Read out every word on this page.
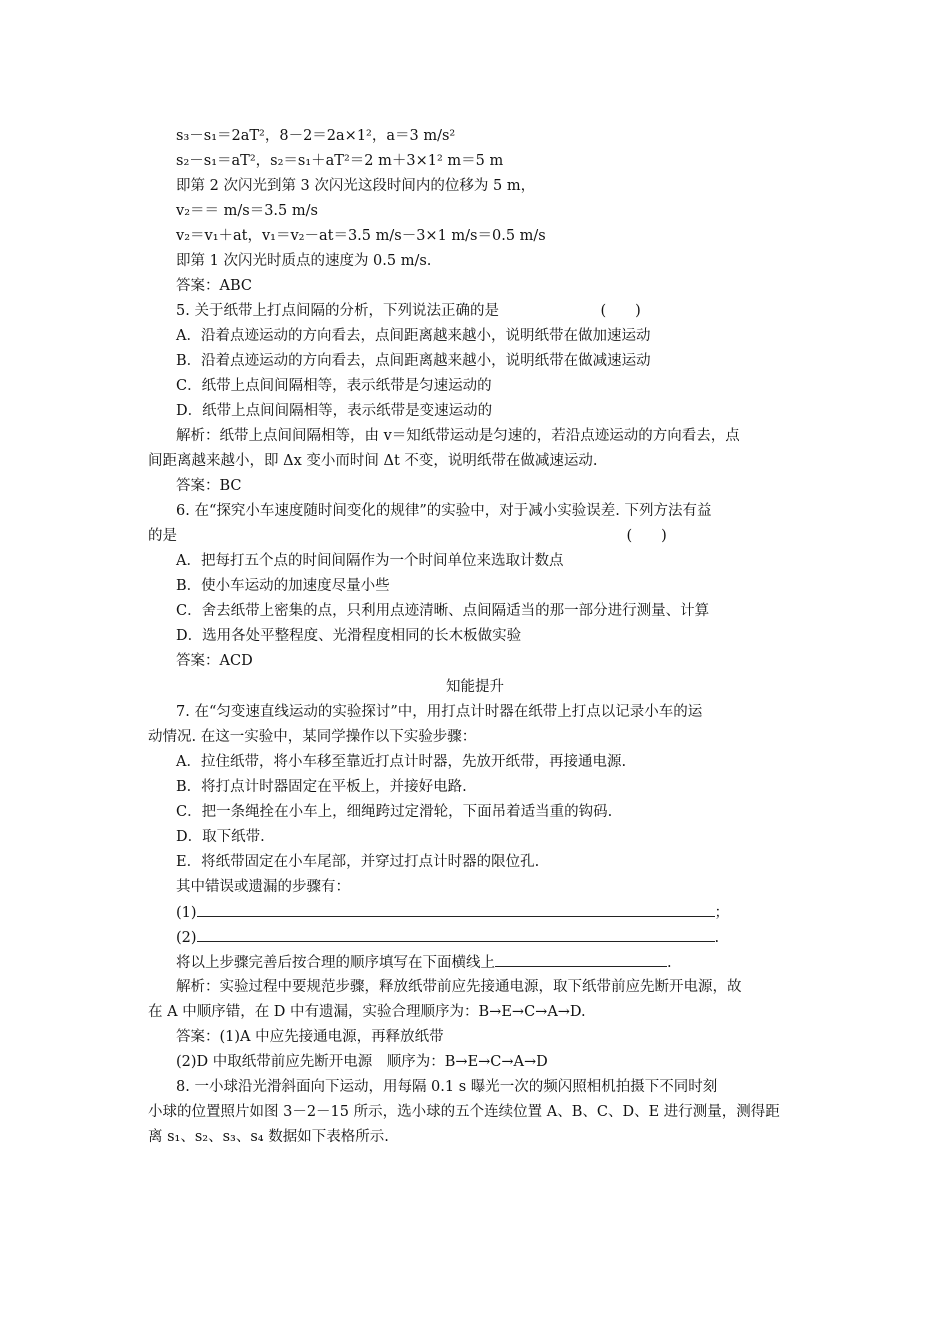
s₃－s₁＝2aT²，8－2＝2a×1²，a＝3 m/s²
s₂－s₁＝aT²，s₂＝s₁＋aT²＝2 m＋3×1² m＝5 m
即第 2 次闪光到第 3 次闪光这段时间内的位移为 5 m，
v₂＝＝ m/s＝3.5 m/s
v₂＝v₁＋at，v₁＝v₂－at＝3.5 m/s－3×1 m/s＝0.5 m/s
即第 1 次闪光时质点的速度为 0.5 m/s.
答案：ABC
5. 关于纸带上打点间隔的分析，下列说法正确的是　　　　　　　(　　)
A．沿着点迹运动的方向看去，点间距离越来越小，说明纸带在做加速运动
B．沿着点迹运动的方向看去，点间距离越来越小，说明纸带在做减速运动
C．纸带上点间间隔相等，表示纸带是匀速运动的
D．纸带上点间间隔相等，表示纸带是变速运动的
解析：纸带上点间间隔相等，由 v＝知纸带运动是匀速的，若沿点迹运动的方向看去，点
间距离越来越小，即 Δx 变小而时间 Δt 不变，说明纸带在做减速运动.
答案：BC
6. 在“探究小车速度随时间变化的规律”的实验中，对于减小实验误差. 下列方法有益
的是　　　　　　　　　　　　　　　　　　　　　　　　　　　　　　　(　　)
A．把每打五个点的时间间隔作为一个时间单位来选取计数点
B．使小车运动的加速度尽量小些
C．舍去纸带上密集的点，只利用点迹清晰、点间隔适当的那一部分进行测量、计算
D．选用各处平整程度、光滑程度相同的长木板做实验
答案：ACD
知能提升
7. 在“匀变速直线运动的实验探讨”中，用打点计时器在纸带上打点以记录小车的运
动情况. 在这一实验中，某同学操作以下实验步骤：
A．拉住纸带，将小车移至靠近打点计时器，先放开纸带，再接通电源.
B．将打点计时器固定在平板上，并接好电路.
C．把一条绳拴在小车上，细绳跨过定滑轮，下面吊着适当重的钩码.
D．取下纸带.
E．将纸带固定在小车尾部，并穿过打点计时器的限位孔.
其中错误或遗漏的步骤有：
(1)	；
(2)	.
将以上步骤完善后按合理的顺序填写在下面横线上	.
解析：实验过程中要规范步骤，释放纸带前应先接通电源，取下纸带前应先断开电源，故
在 A 中顺序错，在 D 中有遗漏，实验合理顺序为：B→E→C→A→D.
答案：(1)A 中应先接通电源，再释放纸带
(2)D 中取纸带前应先断开电源　顺序为：B→E→C→A→D
8. 一小球沿光滑斜面向下运动，用每隔 0.1 s 曝光一次的频闪照相机拍摄下不同时刻
小球的位置照片如图 3－2－15 所示，选小球的五个连续位置 A、B、C、D、E 进行测量，测得距
离 s₁、s₂、s₃、s₄ 数据如下表格所示.
